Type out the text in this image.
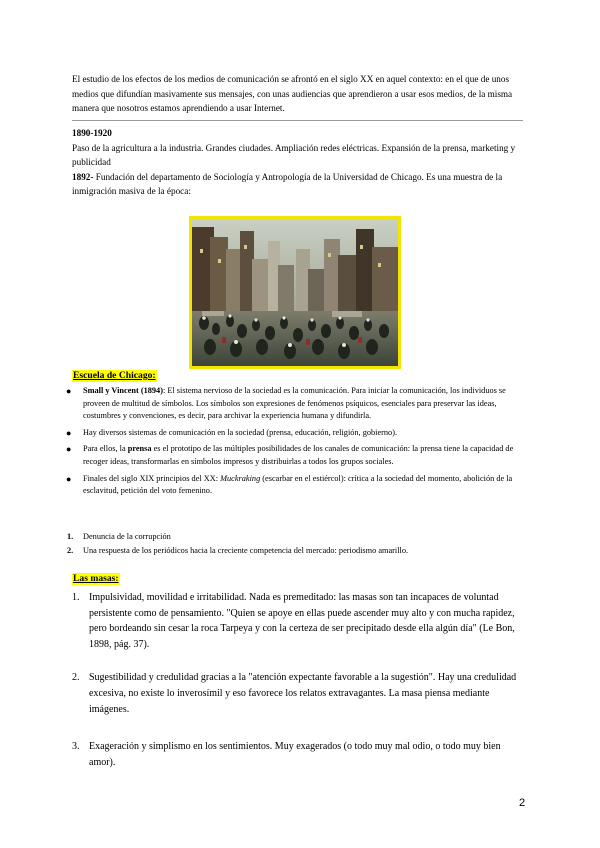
El estudio de los efectos de los medios de comunicación se afrontó en el siglo XX en aquel contexto: en el que de unos medios que difundían masivamente sus mensajes, con unas audiencias que aprendieron a usar esos medios, de la misma manera que nosotros estamos aprendiendo a usar Internet.
1890-1920
Paso de la agricultura a la industria. Grandes ciudades. Ampliación redes eléctricas. Expansión de la prensa, marketing y publicidad
1892- Fundación del departamento de Sociología y Antropología de la Universidad de Chicago. Es una muestra de la inmigración masiva de la época:
Escuela de Chicago:
● Small y Vincent (1894): El sistema nervioso de la sociedad es la comunicación. Para iniciar la comunicación, los individuos se proveen de multitud de símbolos. Los símbolos son expresiones de fenómenos psíquicos, esenciales para preservar las ideas, costumbres y convenciones, es decir, para archivar la experiencia humana y difundirla.
● Hay diversos sistemas de comunicación en la sociedad (prensa, educación, religión, gobierno).
● Para ellos, la prensa es el prototipo de las múltiples posibilidades de los canales de comunicación: la prensa tiene la capacidad de recoger ideas, transformarlas en símbolos impresos y distribuirlas a todos los grupos sociales.
● Finales del siglo XIX principios del XX: Muckraking (escarbar en el estiércol): crítica a la sociedad del momento, abolición de la esclavitud, petición del voto femenino.
1. Denuncia de la corrupción
2. Una respuesta de los periódicos hacia la creciente competencia del mercado: periodismo amarillo.
Las masas:
1. Impulsividad, movilidad e irritabilidad. Nada es premeditado: las masas son tan incapaces de voluntad persistente como de pensamiento. "Quien se apoye en ellas puede ascender muy alto y con mucha rapidez, pero bordeando sin cesar la roca Tarpeya y con la certeza de ser precipitado desde ella algún día" (Le Bon, 1898, pág. 37).
2. Sugestibilidad y credulidad gracias a la "atención expectante favorable a la sugestión". Hay una credulidad excesiva, no existe lo inverosímil y eso favorece los relatos extravagantes. La masa piensa mediante imágenes.
3. Exageración y simplismo en los sentimientos. Muy exagerados (o todo muy mal odio, o todo muy bien amor).
2
